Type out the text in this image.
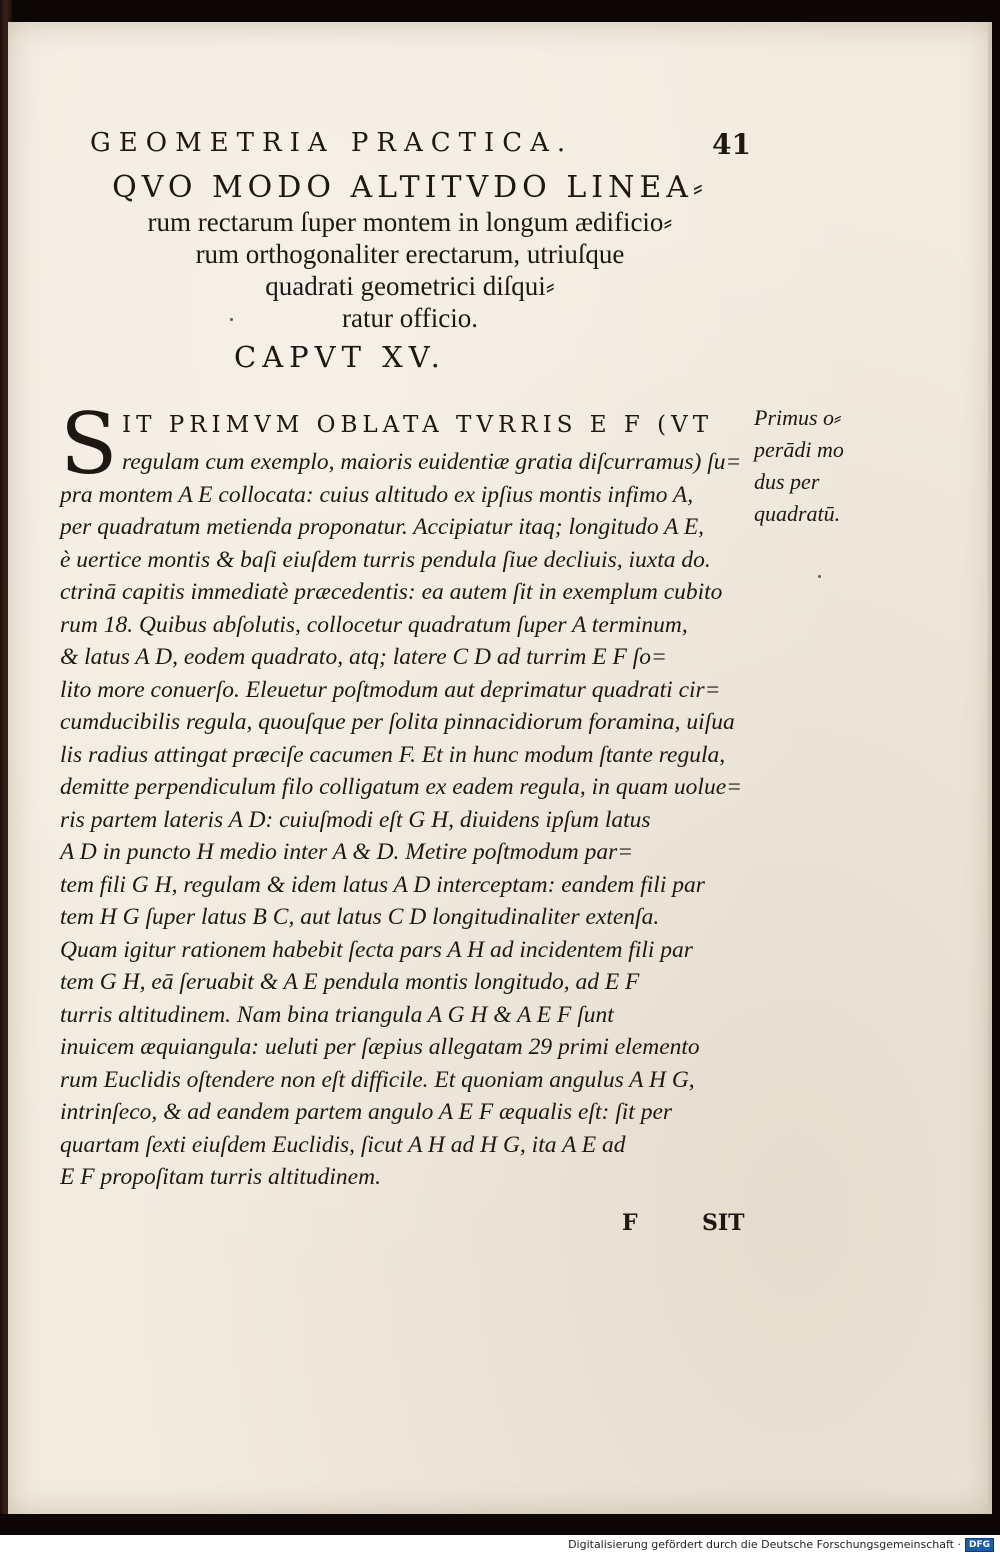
GEOMETRIA PRACTICA.	41
QVO MODO ALTITVDO LINEA⸗
rum rectarum ſuper montem in longum ædificio⸗
rum orthogonaliter erectarum, utriuſque
quadrati geometrici diſqui⸗
ratur officio.
CAPVT XV.
S IT PRIMVM OBLATA TVRRIS E F (VT
regulam cum exemplo, maioris euidentiæ gratia diſcurramus) ſu=
pra montem A E collocata: cuius altitudo ex ipſius montis infimo A,
per quadratum metienda proponatur. Accipiatur itaq; longitudo A E,
è uertice montis & baſi eiuſdem turris pendula ſiue decliuis, iuxta do.
ctrinā capitis immediatè præcedentis: ea autem ſit in exemplum cubito
rum 18. Quibus abſolutis, collocetur quadratum ſuper A terminum,
& latus A D, eodem quadrato, atq; latere C D ad turrim E F ſo=
lito more conuerſo. Eleuetur poſtmodum aut deprimatur quadrati cir=
cumducibilis regula, quouſque per ſolita pinnacidiorum foramina, uiſua
lis radius attingat præciſe cacumen F. Et in hunc modum ſtante regula,
demitte perpendiculum filo colligatum ex eadem regula, in quam uolue=
ris partem lateris A D: cuiuſmodi eſt G H, diuidens ipſum latus
A D in puncto H medio inter A & D. Metire poſtmodum par=
tem fili G H, regulam & idem latus A D interceptam: eandem fili par
tem H G ſuper latus B C, aut latus C D longitudinaliter extenſa.
Quam igitur rationem habebit ſecta pars A H ad incidentem fili par
tem G H, eā ſeruabit & A E pendula montis longitudo, ad E F
turris altitudinem. Nam bina triangula A G H & A E F ſunt
inuicem æquiangula: ueluti per ſæpius allegatam 29 primi elemento
rum Euclidis oſtendere non eſt difficile. Et quoniam angulus A H G,
intrinſeco, & ad eandem partem angulo A E F æqualis eſt: ſit per
quartam ſexti eiuſdem Euclidis, ſicut A H ad H G, ita A E ad
E F propoſitam turris altitudinem.
Primus o⸗
perādi mo
dus per
quadratū.
F	SIT
Digitalisierung gefördert durch die Deutsche Forschungsgemeinschaft · DFG
